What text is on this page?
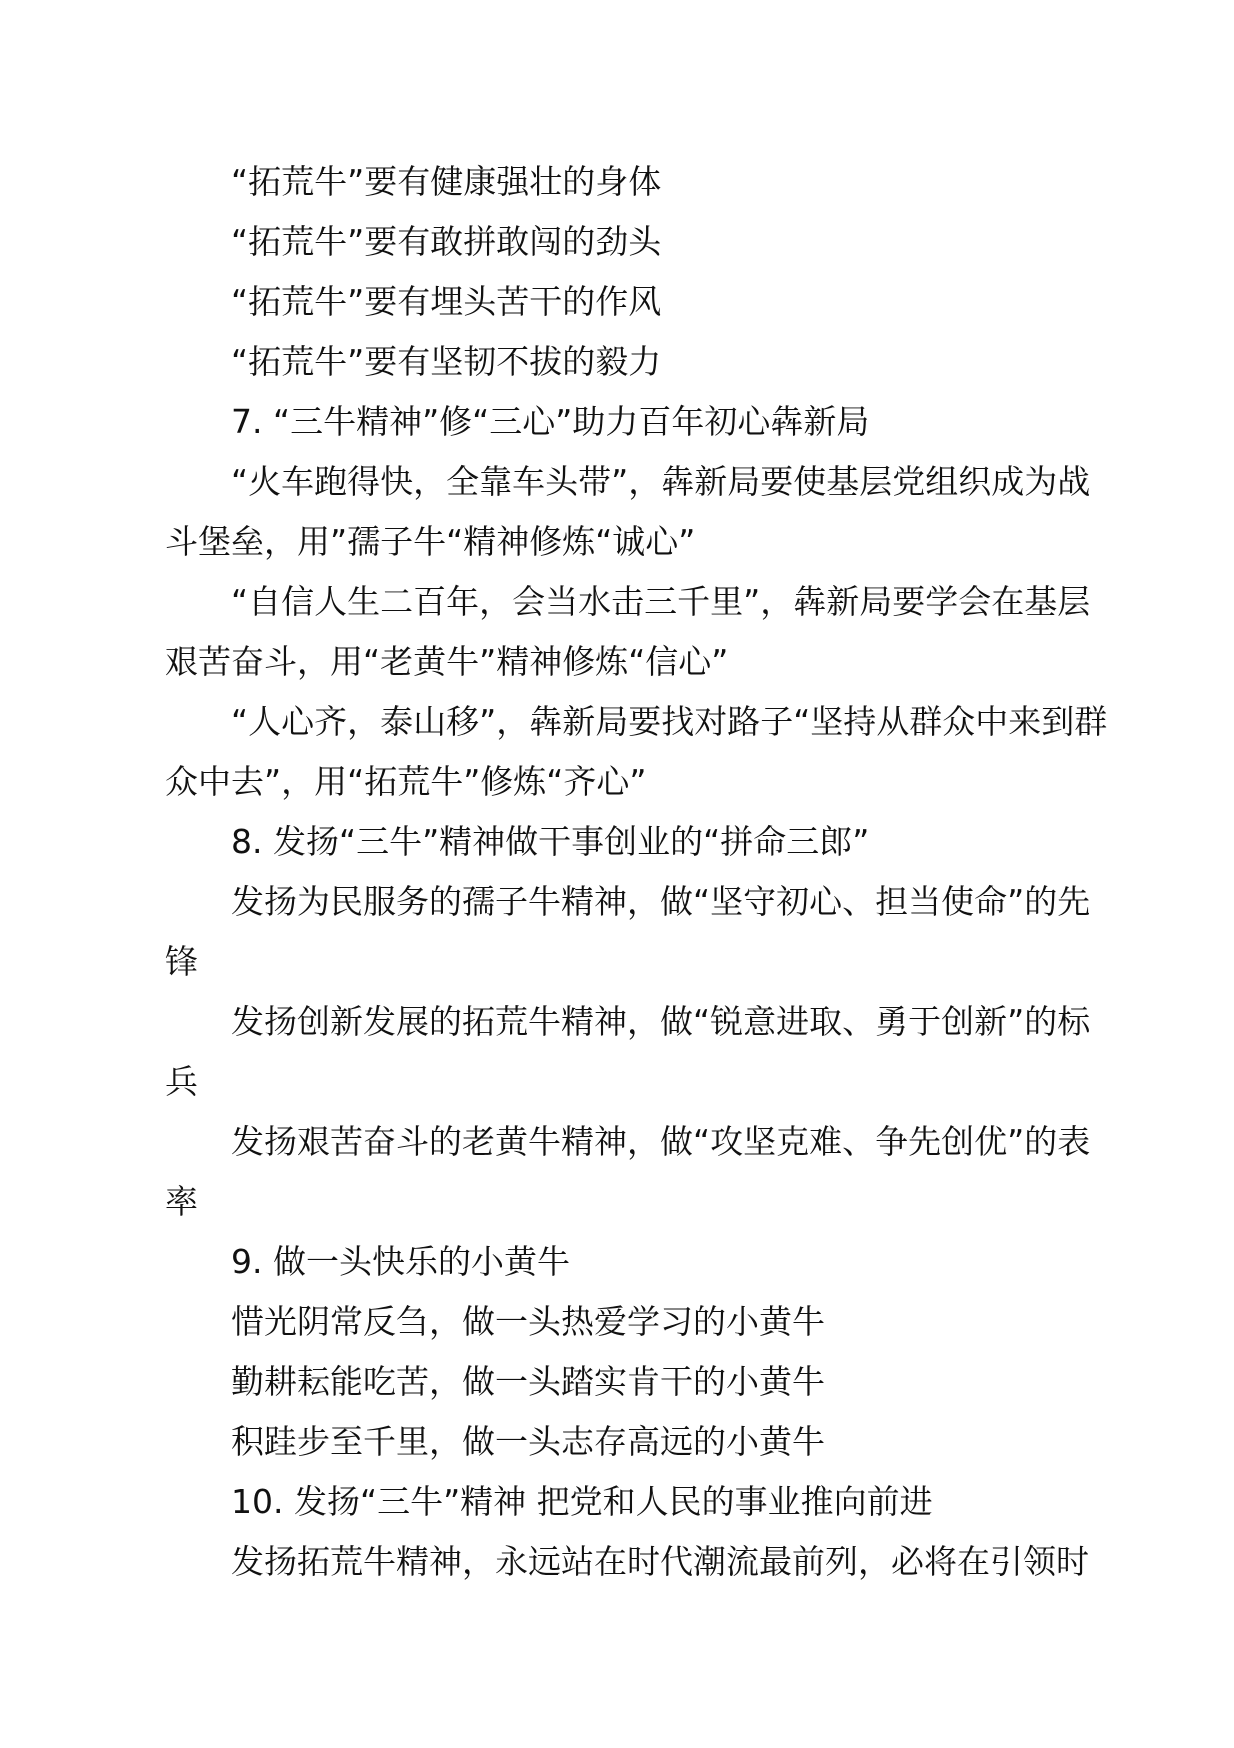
“拓荒牛”要有健康强壮的身体

“拓荒牛”要有敢拼敢闯的劲头

“拓荒牛”要有埋头苦干的作风

“拓荒牛”要有坚韧不拔的毅力

7. “三牛精神”修“三心”助力百年初心犇新局

“火车跑得快，全靠车头带”，犇新局要使基层党组织成为战斗堡垒，用”孺子牛“精神修炼“诚心”

“自信人生二百年，会当水击三千里”，犇新局要学会在基层艰苦奋斗，用“老黄牛”精神修炼“信心”

“人心齐，泰山移”，犇新局要找对路子“坚持从群众中来到群众中去”，用“拓荒牛”修炼“齐心”

8. 发扬“三牛”精神做干事创业的“拼命三郎”

发扬为民服务的孺子牛精神，做“坚守初心、担当使命”的先锋

发扬创新发展的拓荒牛精神，做“锐意进取、勇于创新”的标兵

发扬艰苦奋斗的老黄牛精神，做“攻坚克难、争先创优”的表率

9. 做一头快乐的小黄牛

惜光阴常反刍，做一头热爱学习的小黄牛

勤耕耘能吃苦，做一头踏实肯干的小黄牛

积跬步至千里，做一头志存高远的小黄牛

10. 发扬“三牛”精神 把党和人民的事业推向前进

发扬拓荒牛精神，永远站在时代潮流最前列，必将在引领时
